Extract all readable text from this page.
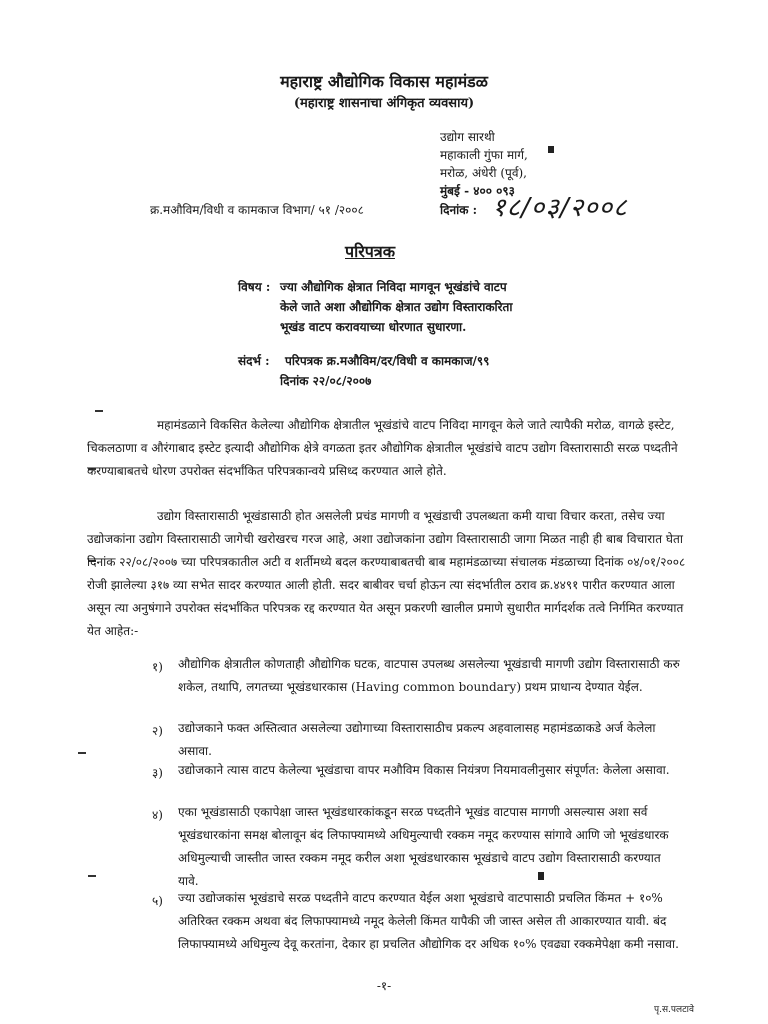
महाराष्ट्र औद्योगिक विकास महामंडळ
(महाराष्ट्र शासनाचा अंगिकृत व्यवसाय)
उद्योग सारथी
महाकाली गुंफा मार्ग,
मरोळ, अंधेरी (पूर्व),
मुंबई - ४०० ०९३
क्र.मऔविम/विधी व कामकाज विभाग/ ५१ /२००८	दिनांक : १८/०३/२००८
परिपत्रक
विषय : ज्या औद्योगिक क्षेत्रात निविदा मागवून भूखंडांचे वाटप
केले जाते अशा औद्योगिक क्षेत्रात उद्योग विस्ताराकरिता
भूखंड वाटप करावयाच्या धोरणात सुधारणा.
संदर्भ : परिपत्रक क्र.मऔविम/दर/विधी व कामकाज/९९
दिनांक २२/०८/२००७
महामंडळाने विकसित केलेल्या औद्योगिक क्षेत्रातील भूखंडांचे वाटप निविदा मागवून केले जाते त्यापैकी मरोळ, वागळे इस्टेट, चिकलठाणा व औरंगाबाद इस्टेट इत्यादी औद्योगिक क्षेत्रे वगळता इतर औद्योगिक क्षेत्रातील भूखंडांचे वाटप उद्योग विस्तारासाठी सरळ पध्दतीने करण्याबाबतचे धोरण उपरोक्त संदर्भांकित परिपत्रकान्वये प्रसिध्द करण्यात आले होते.
उद्योग विस्तारासाठी भूखंडासाठी होत असलेली प्रचंड मागणी व भूखंडाची उपलब्धता कमी याचा विचार करता, तसेच ज्या उद्योजकांना उद्योग विस्तारासाठी जागेची खरोखरच गरज आहे, अशा उद्योजकांना उद्योग विस्तारासाठी जागा मिळत नाही ही बाब विचारात घेता दिनांक २२/०८/२००७ च्या परिपत्रकातील अटी व शर्तीमध्ये बदल करण्याबाबतची बाब महामंडळाच्या संचालक मंडळाच्या दिनांक ०४/०१/२००८ रोजी झालेल्या ३१७ व्या सभेत सादर करण्यात आली होती. सदर बाबीवर चर्चा होऊन त्या संदर्भातील ठराव क्र.४४९१ पारीत करण्यात आला असून त्या अनुषंगाने उपरोक्त संदर्भांकित परिपत्रक रद्द करण्यात येत असून प्रकरणी खालील प्रमाणे सुधारीत मार्गदर्शक तत्वे निर्गमित करण्यात येत आहेत:-
१) औद्योगिक क्षेत्रातील कोणताही औद्योगिक घटक, वाटपास उपलब्ध असलेल्या भूखंडाची मागणी उद्योग विस्तारासाठी करु शकेल, तथापि, लगतच्या भूखंडधारकास (Having common boundary) प्रथम प्राधान्य देण्यात येईल.
२) उद्योजकाने फक्त अस्तित्वात असलेल्या उद्योगाच्या विस्तारासाठीच प्रकल्प अहवालासह महामंडळाकडे अर्ज केलेला असावा.
३) उद्योजकाने त्यास वाटप केलेल्या भूखंडाचा वापर मऔविम विकास नियंत्रण नियमावलीनुसार संपूर्णत: केलेला असावा.
४) एका भूखंडासाठी एकापेक्षा जास्त भूखंडधारकांकडून सरळ पध्दतीने भूखंड वाटपास मागणी असल्यास अशा सर्व भूखंडधारकांना समक्ष बोलावून बंद लिफाफ्यामध्ये अधिमुल्याची रक्कम नमूद करण्यास सांगावे आणि जो भूखंडधारक अधिमुल्याची जास्तीत जास्त रक्कम नमूद करील अशा भूखंडधारकास भूखंडाचे वाटप उद्योग विस्तारासाठी करण्यात यावे.
५) ज्या उद्योजकांस भूखंडाचे सरळ पध्दतीने वाटप करण्यात येईल अशा भूखंडाचे वाटपासाठी प्रचलित किंमत + १०% अतिरिक्त रक्कम अथवा बंद लिफाफ्यामध्ये नमूद केलेली किंमत यापैकी जी जास्त असेल ती आकारण्यात यावी. बंद लिफाफ्यामध्ये अधिमुल्य देवू करतांना, देकार हा प्रचलित औद्योगिक दर अधिक १०% एवढ्या रक्कमेपेक्षा कमी नसावा.
-१-
पृ.स.पलटावे
